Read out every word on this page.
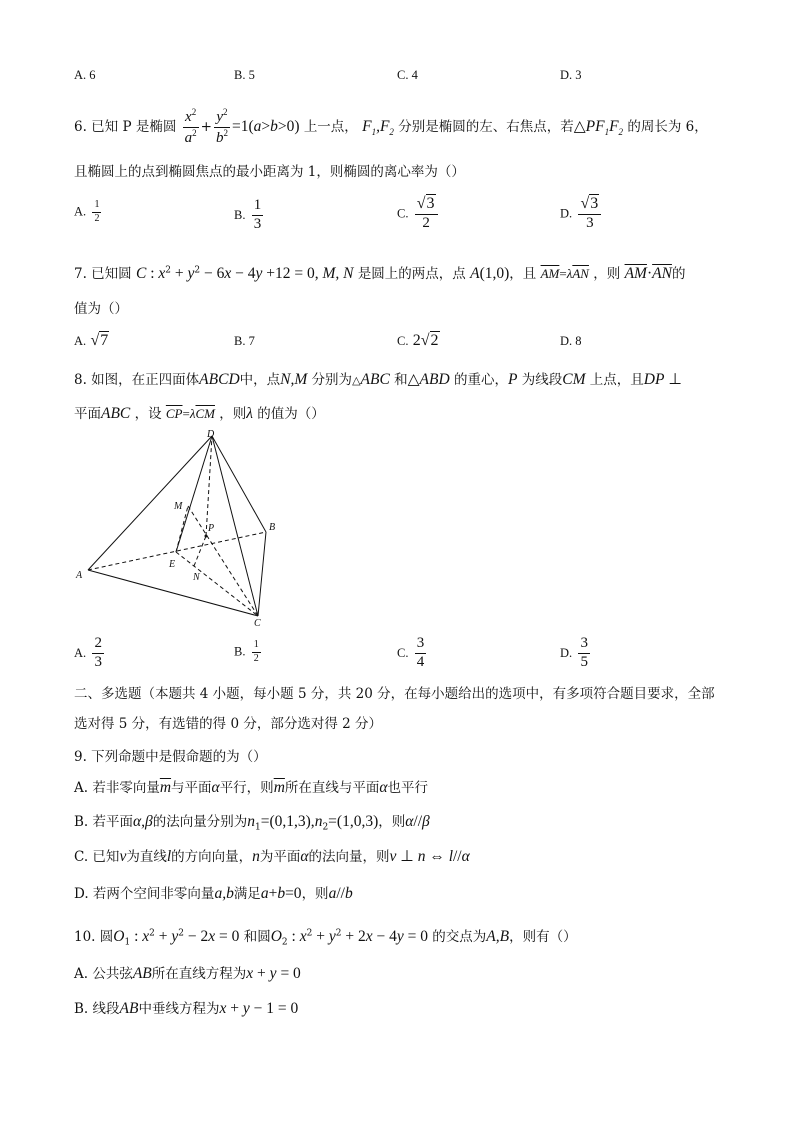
A. 6	B. 5	C. 4	D. 3
6. 已知 P 是椭圆 $\frac{x^2}{a^2} + \frac{y^2}{b^2} =1(a>b>0)$ 上一点， $F_1,F_2$ 分别是椭圆的左、右焦点，若$\triangle PF_1F_2$ 的周长为 6，
且椭圆上的点到椭圆焦点的最小距离为 1，则椭圆的离心率为（）
A. $\frac{1}{2}$	B. $\frac{1}{3}$	C. $\frac{√3}{2}$	D. $\frac{√3}{3}$
7. 已知圆 C : $x^2 + y^2 - 6x - 4y +12 = 0$, M, N 是圆上的两点，点 A(1,0)，且 $\overline{AM}=\lambda\overline{AN}$ ，则 $\overline{AM}\cdot\overline{AN}$的
值为（）
A. √7	B. 7	C. 2√2	D. 8
8. 如图，在正四面体ABCD中，点N,M 分别为△ABC 和△ABD 的重心，P 为线段CM 上点，且DP ⊥
平面ABC ，设 $\overline{CP}=\lambda\overline{CM}$ ，则λ 的值为（）
D
M
B
P
A
E
N
C
A. $\frac{2}{3}$	B. $\frac{1}{2}$	C. $\frac{3}{4}$	D. $\frac{3}{5}$
二、多选题（本题共 4 小题，每小题 5 分，共 20 分，在每小题给出的选项中，有多项符合题目要求，全部
选对得 5 分，有选错的得 0 分，部分选对得 2 分）
9. 下列命题中是假命题的为（）
A. 若非零向量$\overline{m}$与平面α平行，则$\overline{m}$所在直线与平面α也平行
B. 若平面α,β的法向量分别为$n_1=(0,1,3),n_2=(1,0,3)$，则α//β
C. 已知v为直线l的方向向量，n为平面α的法向量，则v ⊥ n ⇔ l//α
D. 若两个空间非零向量a,b满足a+b=0，则a//b
10. 圆$O_1$ : $x^2 + y^2 - 2x = 0$ 和圆$O_2$ : $x^2 + y^2 + 2x - 4y = 0$ 的交点为A,B，则有（）
A. 公共弦AB所在直线方程为x + y = 0
B. 线段AB中垂线方程为x + y − 1 = 0
